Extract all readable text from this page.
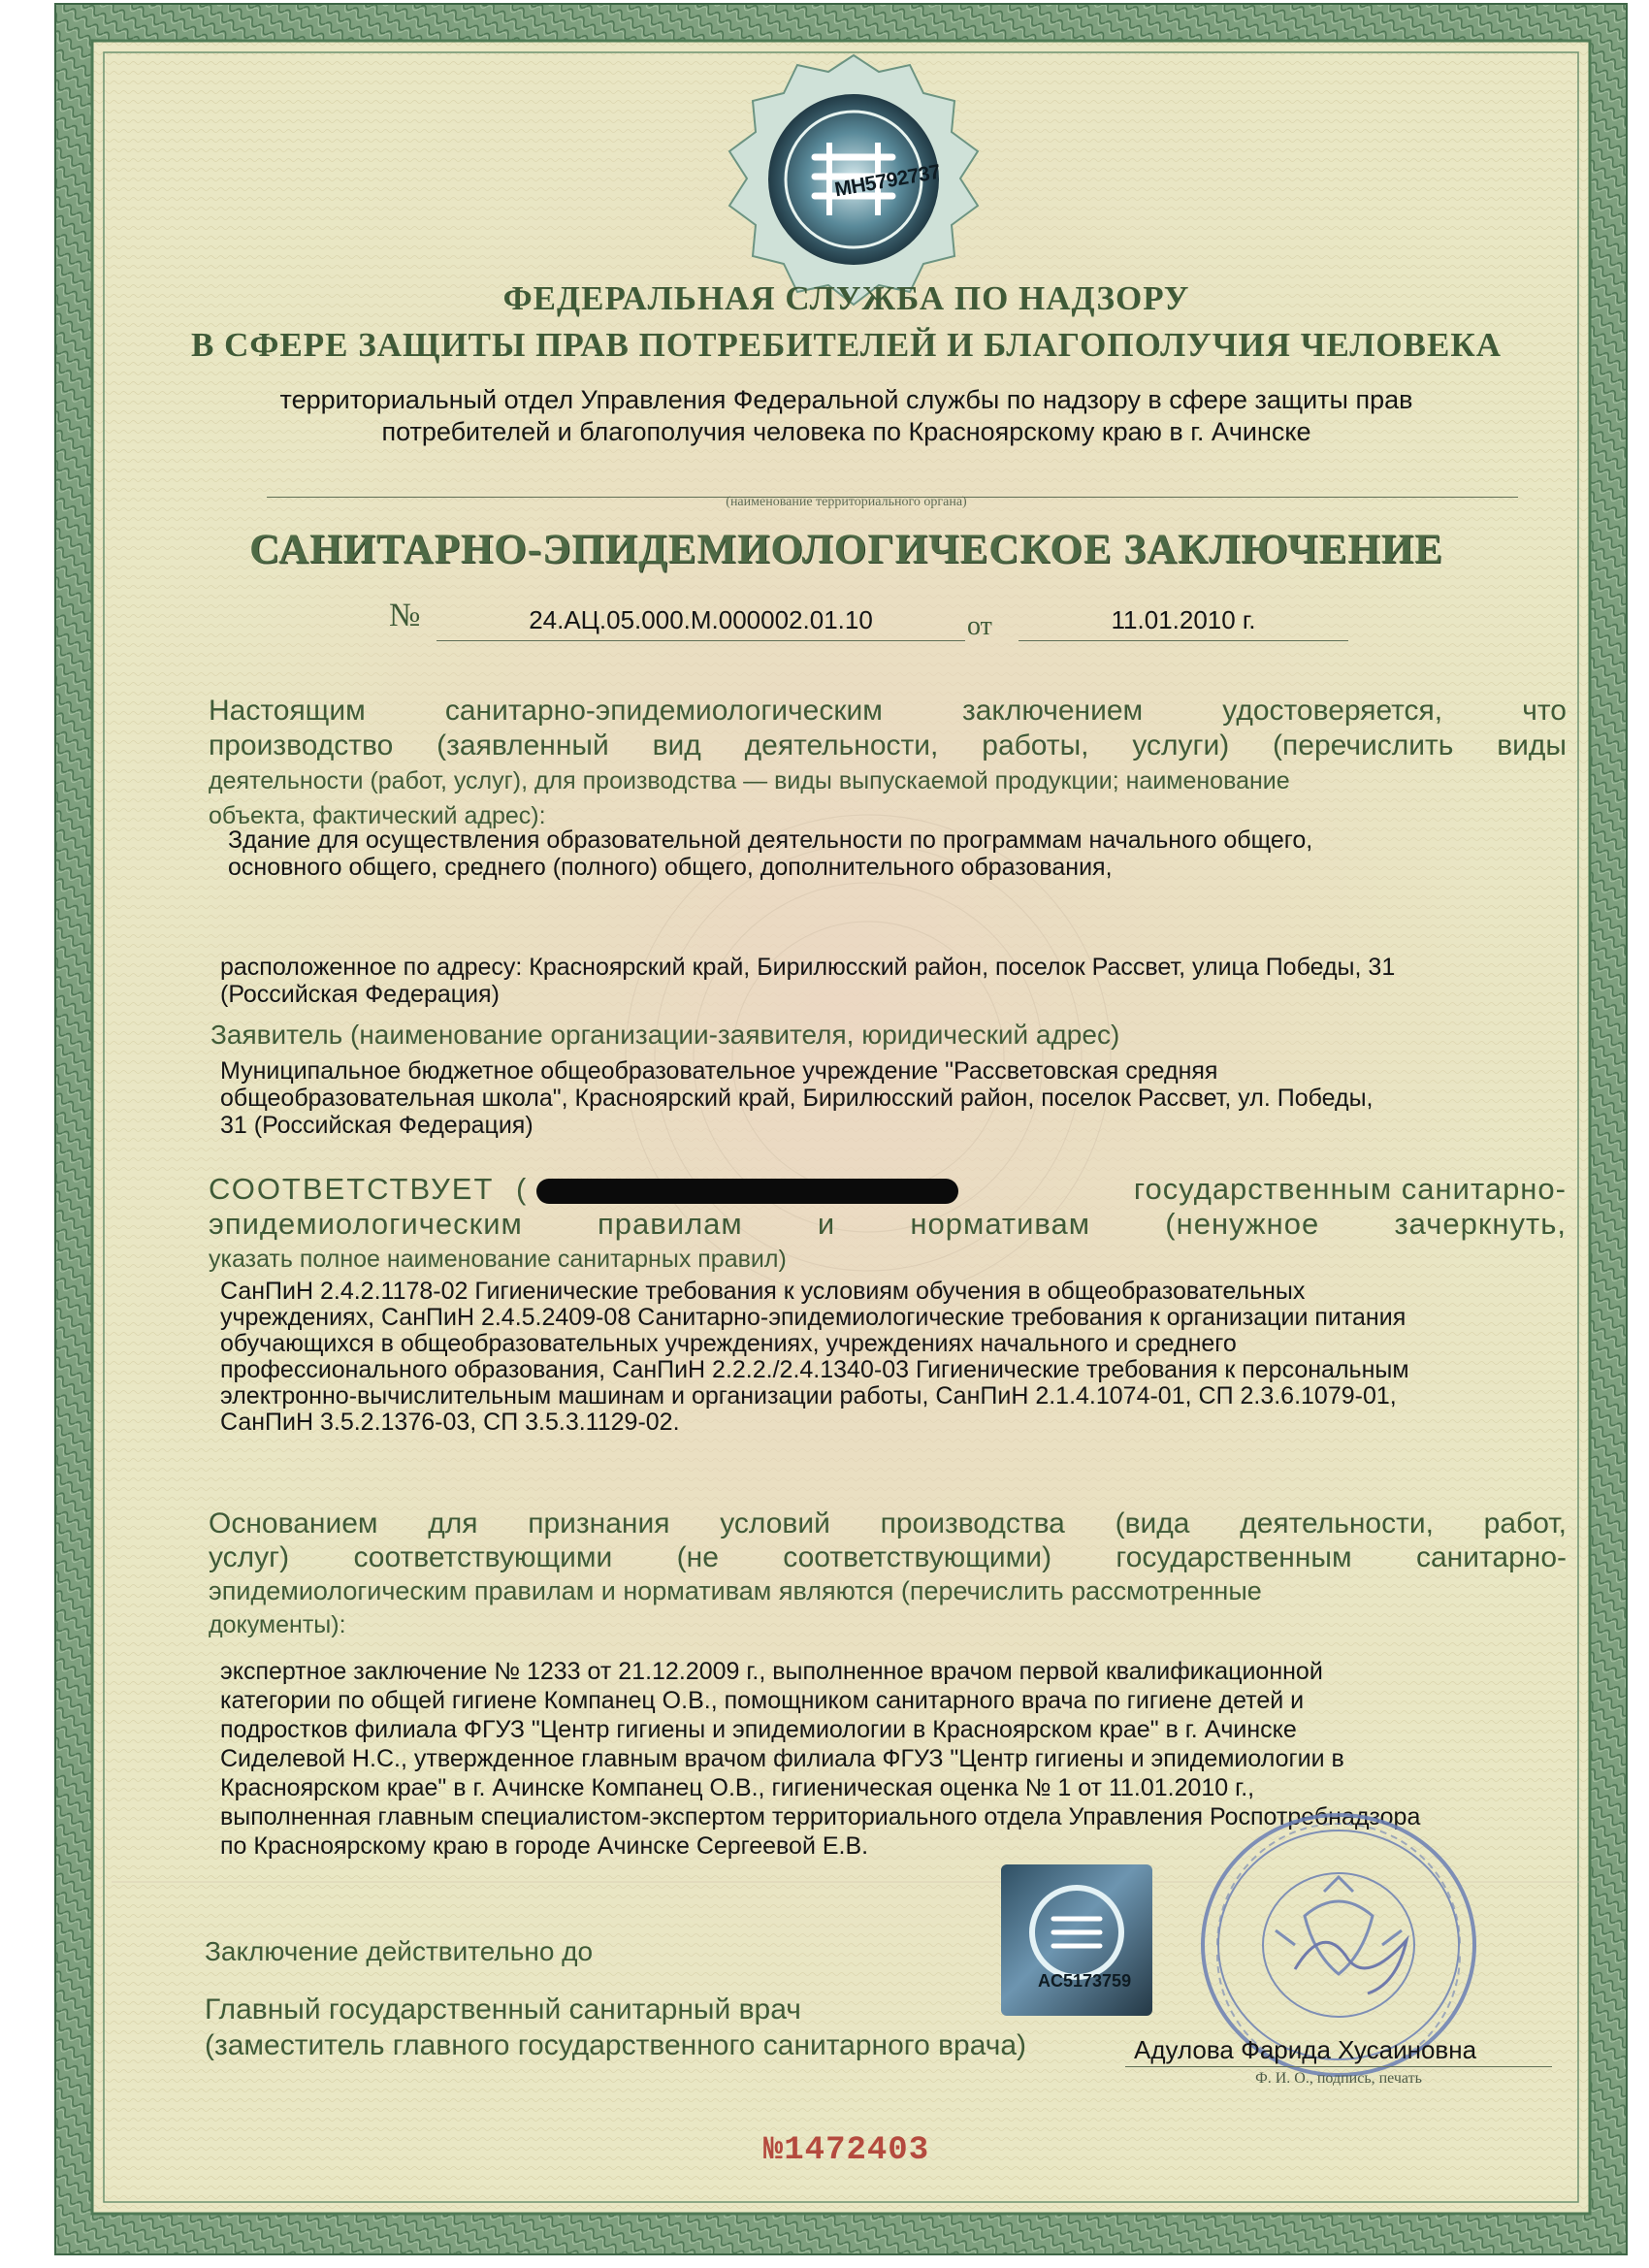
MH5792737
ФЕДЕРАЛЬНАЯ СЛУЖБА ПО НАДЗОРУ
В СФЕРЕ ЗАЩИТЫ ПРАВ ПОТРЕБИТЕЛЕЙ И БЛАГОПОЛУЧИЯ ЧЕЛОВЕКА
территориальный отдел Управления Федеральной службы по надзору в сфере защиты прав
потребителей и благополучия человека по Красноярскому краю в г. Ачинске
(наименование территориального органа)
САНИТАРНО-ЭПИДЕМИОЛОГИЧЕСКОЕ ЗАКЛЮЧЕНИЕ
№	24.АЦ.05.000.М.000002.01.10	от	11.01.2010 г.
Настоящим санитарно-эпидемиологическим заключением удостоверяется, что
производство (заявленный вид деятельности, работы, услуги) (перечислить виды
деятельности (работ, услуг), для производства — виды выпускаемой продукции; наименование
объекта, фактический адрес):
Здание для осуществления образовательной деятельности по программам начального общего,
основного общего, среднего (полного) общего, дополнительного образования,
расположенное по адресу: Красноярский край, Бирилюсский район, поселок Рассвет, улица Победы, 31
(Российская Федерация)
Заявитель (наименование организации-заявителя, юридический адрес)
Муниципальное бюджетное общеобразовательное учреждение "Рассветовская средняя
общеобразовательная школа", Красноярский край, Бирилюсский район, поселок Рассвет, ул. Победы,
31 (Российская Федерация)
СООТВЕТСТВУЕТ (	государственным санитарно-
эпидемиологическим правилам и нормативам (ненужное зачеркнуть,
указать полное наименование санитарных правил)
СанПиН 2.4.2.1178-02 Гигиенические требования к условиям обучения в общеобразовательных
учреждениях, СанПиН 2.4.5.2409-08 Санитарно-эпидемиологические требования к организации питания
обучающихся в общеобразовательных учреждениях, учреждениях начального и среднего
профессионального образования, СанПиН 2.2.2./2.4.1340-03 Гигиенические требования к персональным
электронно-вычислительным машинам и организации работы, СанПиН 2.1.4.1074-01, СП 2.3.6.1079-01,
СанПиН 3.5.2.1376-03, СП 3.5.3.1129-02.
Основанием для признания условий производства (вида деятельности, работ,
услуг) соответствующими (не соответствующими) государственным санитарно-
эпидемиологическим правилам и нормативам являются (перечислить рассмотренные
документы):
экспертное заключение № 1233 от 21.12.2009 г., выполненное врачом первой квалификационной
категории по общей гигиене Компанец О.В., помощником санитарного врача по гигиене детей и
подростков филиала ФГУЗ "Центр гигиены и эпидемиологии в Красноярском крае" в г. Ачинске
Сиделевой Н.С., утвержденное главным врачом филиала ФГУЗ "Центр гигиены и эпидемиологии в
Красноярском крае" в г. Ачинске Компанец О.В., гигиеническая оценка № 1 от 11.01.2010 г.,
выполненная главным специалистом-экспертом территориального отдела Управления Роспотребнадзора
по Красноярскому краю в городе Ачинске Сергеевой Е.В.
AC5173759
Заключение действительно до
Главный государственный санитарный врач
(заместитель главного государственного санитарного врача)	Адулова Фарида Хусаиновна
Ф. И. О., подпись, печать
№1472403
